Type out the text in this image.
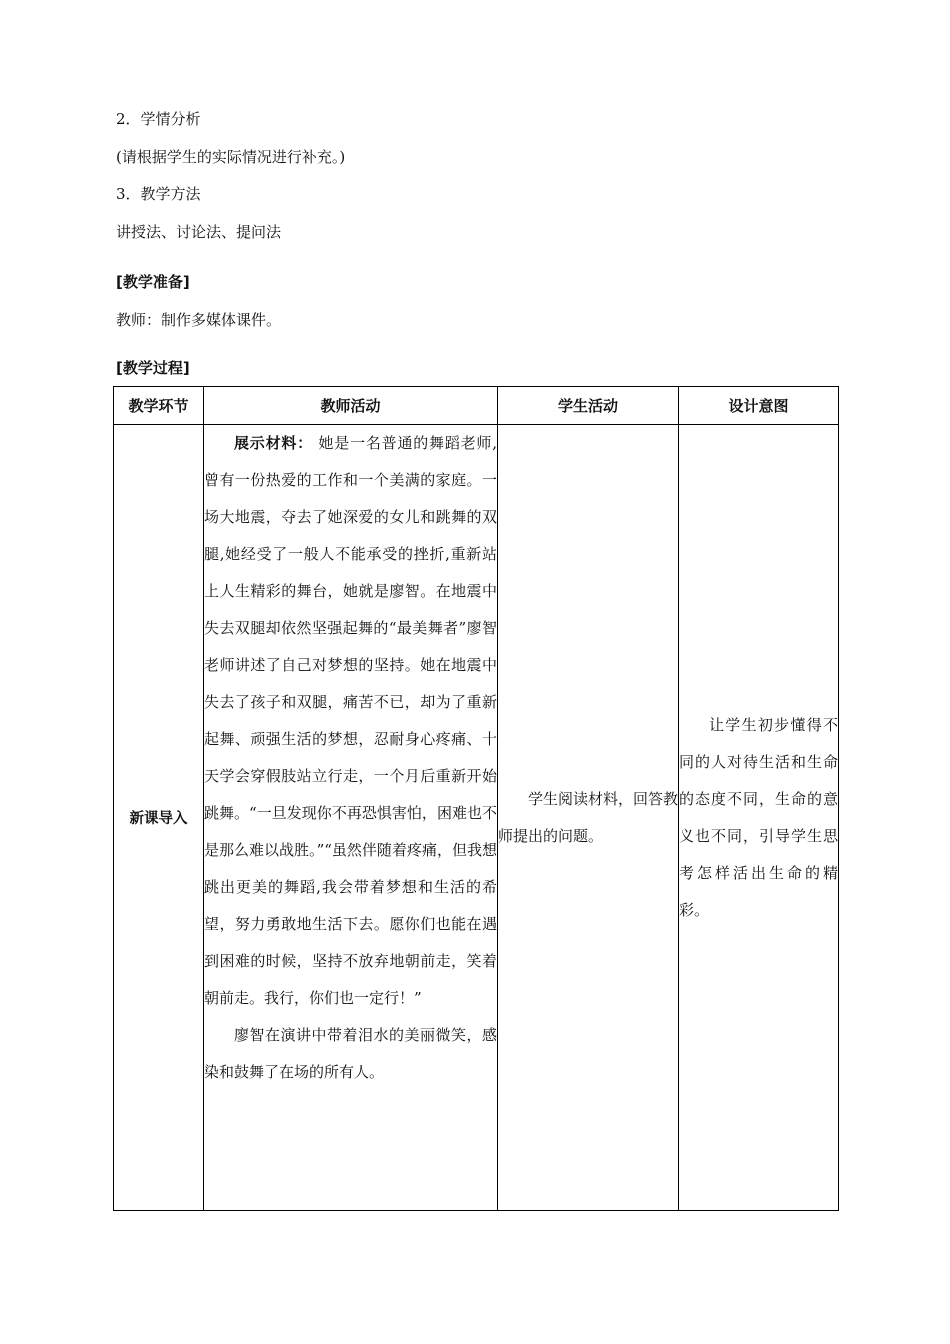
2．学情分析
(请根据学生的实际情况进行补充。)
3．教学方法
讲授法、讨论法、提问法
[教学准备]
教师：制作多媒体课件。
[教学过程]
教学环节	教师活动	学生活动	设计意图
新课导入	展示材料： 她是一名普通的舞蹈老师,曾有一份热爱的工作和一个美满的家庭。一场大地震，夺去了她深爱的女儿和跳舞的双腿,她经受了一般人不能承受的挫折,重新站上人生精彩的舞台，她就是廖智。在地震中失去双腿却依然坚强起舞的“最美舞者”廖智老师讲述了自己对梦想的坚持。她在地震中失去了孩子和双腿，痛苦不已，却为了重新起舞、顽强生活的梦想，忍耐身心疼痛、十天学会穿假肢站立行走，一个月后重新开始跳舞。“一旦发现你不再恐惧害怕，困难也不是那么难以战胜。”“虽然伴随着疼痛，但我想跳出更美的舞蹈,我会带着梦想和生活的希望，努力勇敢地生活下去。愿你们也能在遇到困难的时候，坚持不放弃地朝前走，笑着朝前走。我行，你们也一定行！”

廖智在演讲中带着泪水的美丽微笑，感染和鼓舞了在场的所有人。	学生阅读材料，回答教师提出的问题。	让学生初步懂得不同的人对待生活和生命的态度不同，生命的意义也不同，引导学生思考怎样活出生命的精彩。
